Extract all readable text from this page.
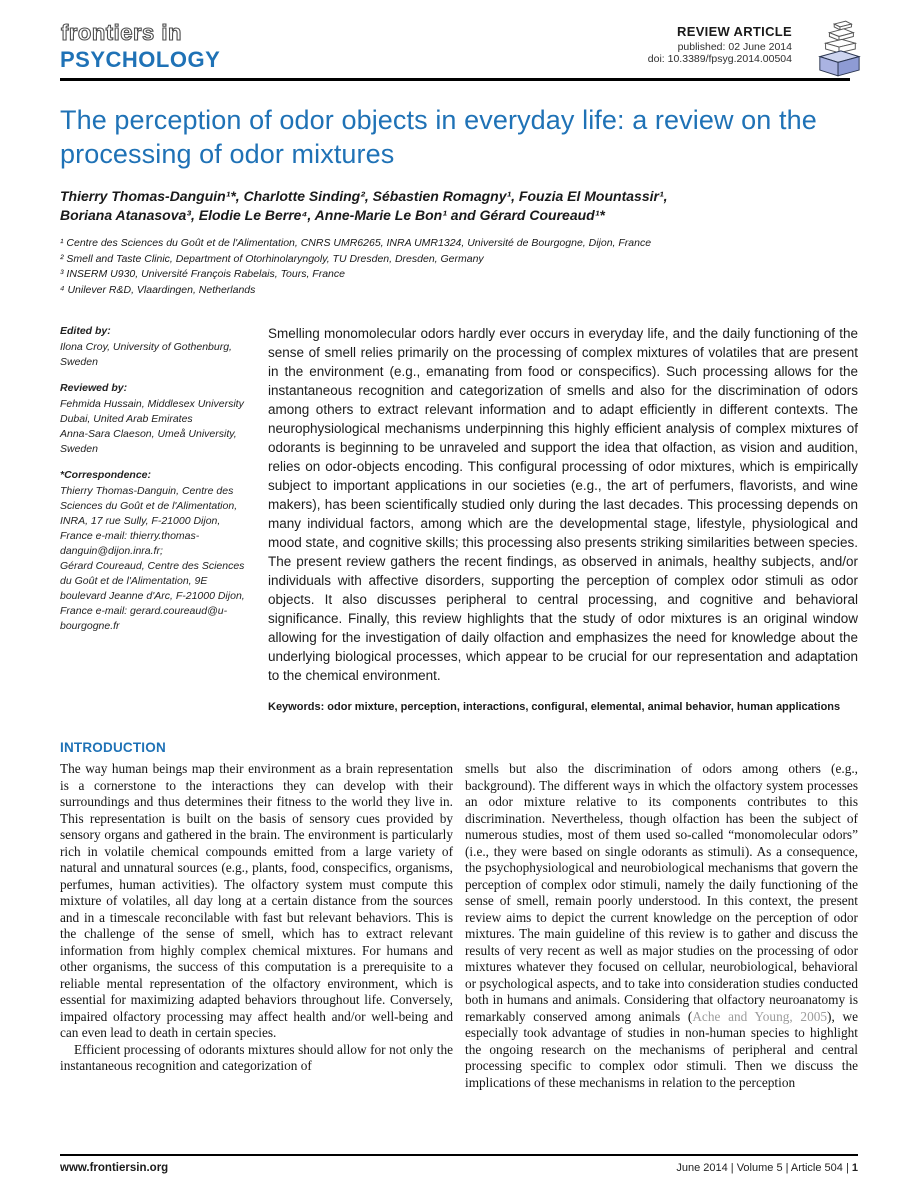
frontiers in
PSYCHOLOGY
REVIEW ARTICLE
published: 02 June 2014
doi: 10.3389/fpsyg.2014.00504
The perception of odor objects in everyday life: a review on the processing of odor mixtures
Thierry Thomas-Danguin¹*, Charlotte Sinding², Sébastien Romagny¹, Fouzia El Mountassir¹,
Boriana Atanasova³, Elodie Le Berre⁴, Anne-Marie Le Bon¹ and Gérard Coureaud¹*
¹ Centre des Sciences du Goût et de l'Alimentation, CNRS UMR6265, INRA UMR1324, Université de Bourgogne, Dijon, France
² Smell and Taste Clinic, Department of Otorhinolaryngoly, TU Dresden, Dresden, Germany
³ INSERM U930, Université François Rabelais, Tours, France
⁴ Unilever R&D, Vlaardingen, Netherlands
Edited by:
Ilona Croy, University of Gothenburg, Sweden
Reviewed by:
Fehmida Hussain, Middlesex University Dubai, United Arab Emirates
Anna-Sara Claeson, Umeå University, Sweden
*Correspondence:
Thierry Thomas-Danguin, Centre des Sciences du Goût et de l'Alimentation, INRA, 17 rue Sully, F-21000 Dijon, France e-mail: thierry.thomas-danguin@dijon.inra.fr;
Gérard Coureaud, Centre des Sciences du Goût et de l'Alimentation, 9E boulevard Jeanne d'Arc, F-21000 Dijon, France e-mail: gerard.coureaud@u-bourgogne.fr

Smelling monomolecular odors hardly ever occurs in everyday life, and the daily functioning of the sense of smell relies primarily on the processing of complex mixtures of volatiles that are present in the environment (e.g., emanating from food or conspecifics). Such processing allows for the instantaneous recognition and categorization of smells and also for the discrimination of odors among others to extract relevant information and to adapt efficiently in different contexts. The neurophysiological mechanisms underpinning this highly efficient analysis of complex mixtures of odorants is beginning to be unraveled and support the idea that olfaction, as vision and audition, relies on odor-objects encoding. This configural processing of odor mixtures, which is empirically subject to important applications in our societies (e.g., the art of perfumers, flavorists, and wine makers), has been scientifically studied only during the last decades. This processing depends on many individual factors, among which are the developmental stage, lifestyle, physiological and mood state, and cognitive skills; this processing also presents striking similarities between species. The present review gathers the recent findings, as observed in animals, healthy subjects, and/or individuals with affective disorders, supporting the perception of complex odor stimuli as odor objects. It also discusses peripheral to central processing, and cognitive and behavioral significance. Finally, this review highlights that the study of odor mixtures is an original window allowing for the investigation of daily olfaction and emphasizes the need for knowledge about the underlying biological processes, which appear to be crucial for our representation and adaptation to the chemical environment.

Keywords: odor mixture, perception, interactions, configural, elemental, animal behavior, human applications

INTRODUCTION

The way human beings map their environment as a brain representation is a cornerstone to the interactions they can develop with their surroundings and thus determines their fitness to the world they live in. This representation is built on the basis of sensory cues provided by sensory organs and gathered in the brain. The environment is particularly rich in volatile chemical compounds emitted from a large variety of natural and unnatural sources (e.g., plants, food, conspecifics, organisms, perfumes, human activities). The olfactory system must compute this mixture of volatiles, all day long at a certain distance from the sources and in a timescale reconcilable with fast but relevant behaviors. This is the challenge of the sense of smell, which has to extract relevant information from highly complex chemical mixtures. For humans and other organisms, the success of this computation is a prerequisite to a reliable mental representation of the olfactory environment, which is essential for maximizing adapted behaviors throughout life. Conversely, impaired olfactory processing may affect health and/or well-being and can even lead to death in certain species.

Efficient processing of odorants mixtures should allow for not only the instantaneous recognition and categorization of

smells but also the discrimination of odors among others (e.g., background). The different ways in which the olfactory system processes an odor mixture relative to its components contributes to this discrimination. Nevertheless, though olfaction has been the subject of numerous studies, most of them used so-called “monomolecular odors” (i.e., they were based on single odorants as stimuli). As a consequence, the psychophysiological and neurobiological mechanisms that govern the perception of complex odor stimuli, namely the daily functioning of the sense of smell, remain poorly understood. In this context, the present review aims to depict the current knowledge on the perception of odor mixtures. The main guideline of this review is to gather and discuss the results of very recent as well as major studies on the processing of odor mixtures whatever they focused on cellular, neurobiological, behavioral or psychological aspects, and to take into consideration studies conducted both in humans and animals. Considering that olfactory neuroanatomy is remarkably conserved among animals (Ache and Young, 2005), we especially took advantage of studies in non-human species to highlight the ongoing research on the mechanisms of peripheral and central processing specific to complex odor stimuli. Then we discuss the implications of these mechanisms in relation to the perception

www.frontiersin.org	June 2014 | Volume 5 | Article 504 | 1
